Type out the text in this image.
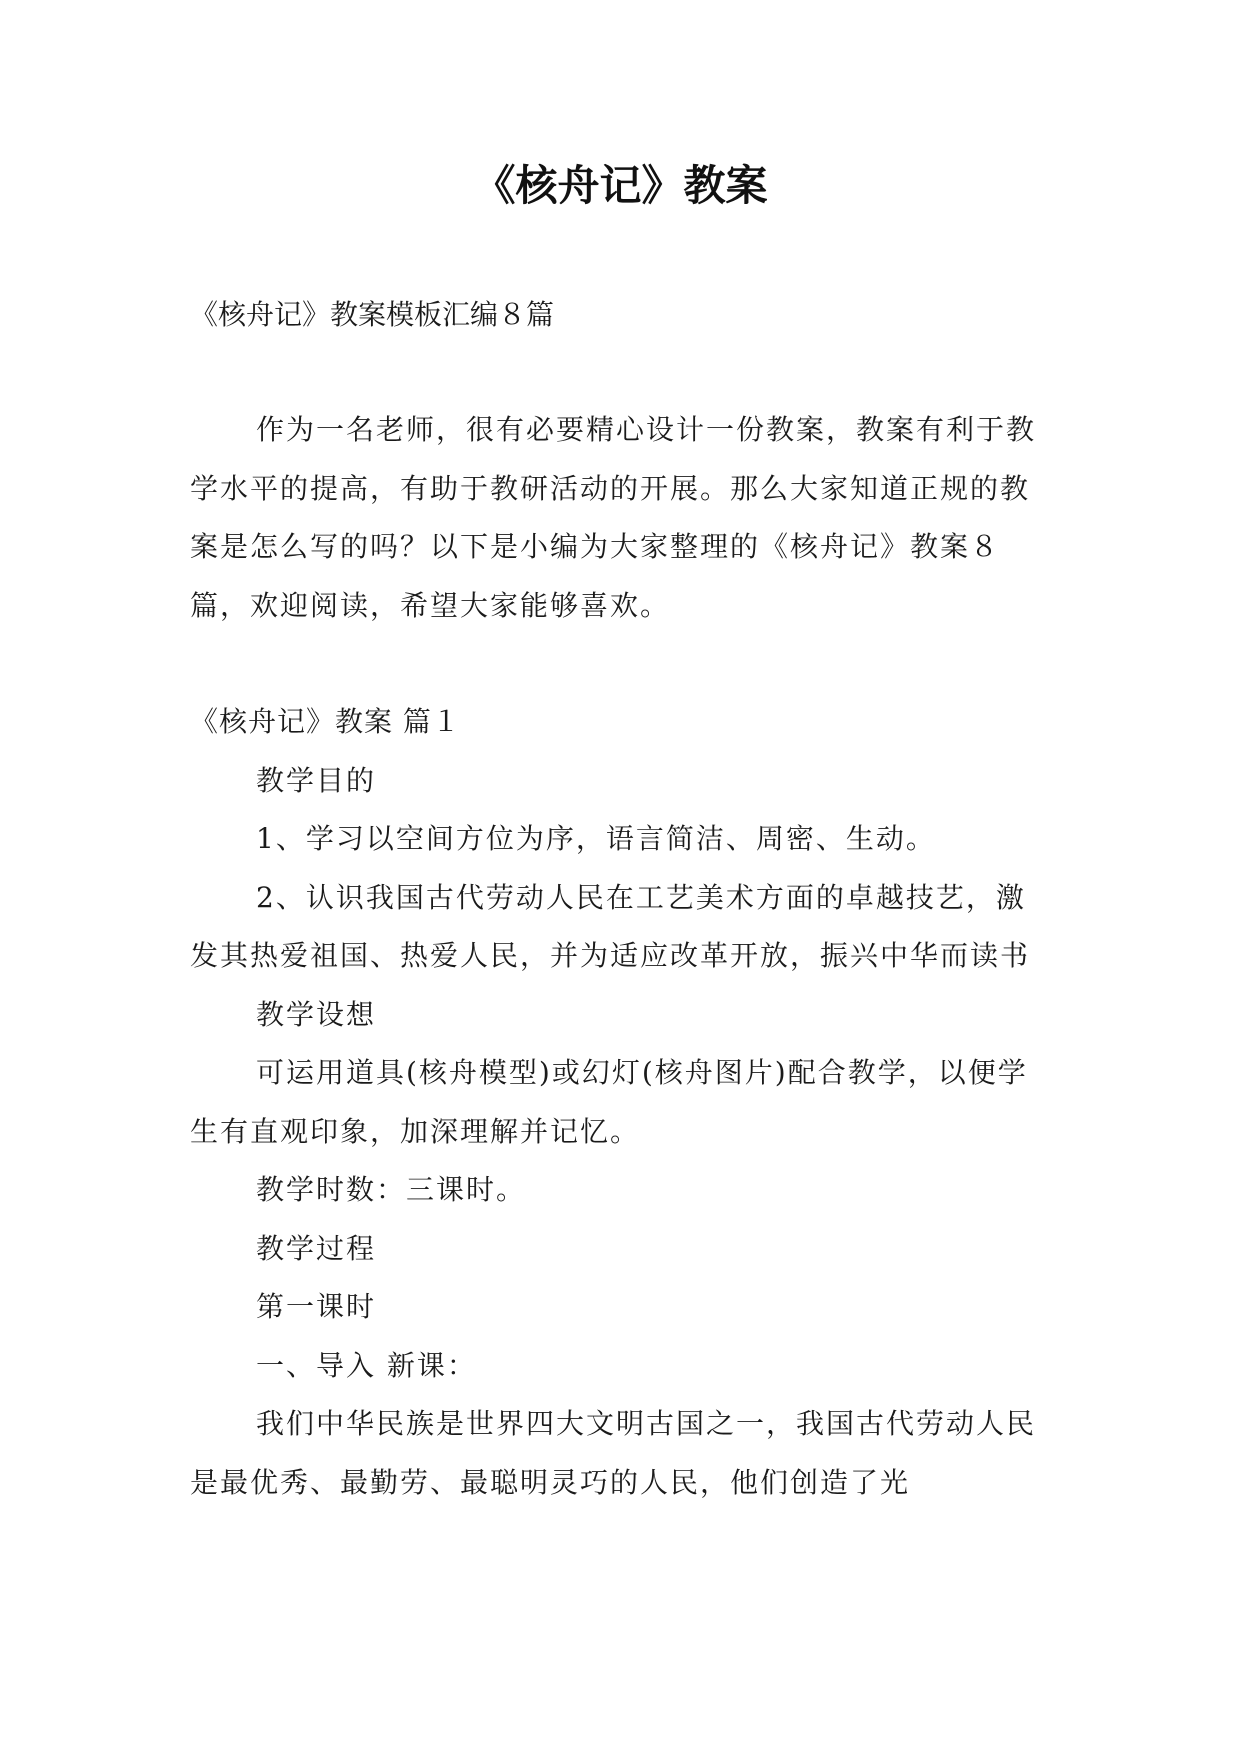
《核舟记》教案
《核舟记》教案模板汇编８篇

作为一名老师，很有必要精心设计一份教案，教案有利于教学水平的提高，有助于教研活动的开展。那么大家知道正规的教案是怎么写的吗？以下是小编为大家整理的《核舟记》教案８篇，欢迎阅读，希望大家能够喜欢。

《核舟记》教案 篇１

教学目的

1、学习以空间方位为序，语言简洁、周密、生动。

2、认识我国古代劳动人民在工艺美术方面的卓越技艺，激发其热爱祖国、热爱人民，并为适应改革开放，振兴中华而读书

教学设想

可运用道具(核舟模型)或幻灯(核舟图片)配合教学，以便学生有直观印象，加深理解并记忆。

教学时数：三课时。

教学过程

第一课时

一、导入 新课：

我们中华民族是世界四大文明古国之一，我国古代劳动人民是最优秀、最勤劳、最聪明灵巧的人民，他们创造了光
